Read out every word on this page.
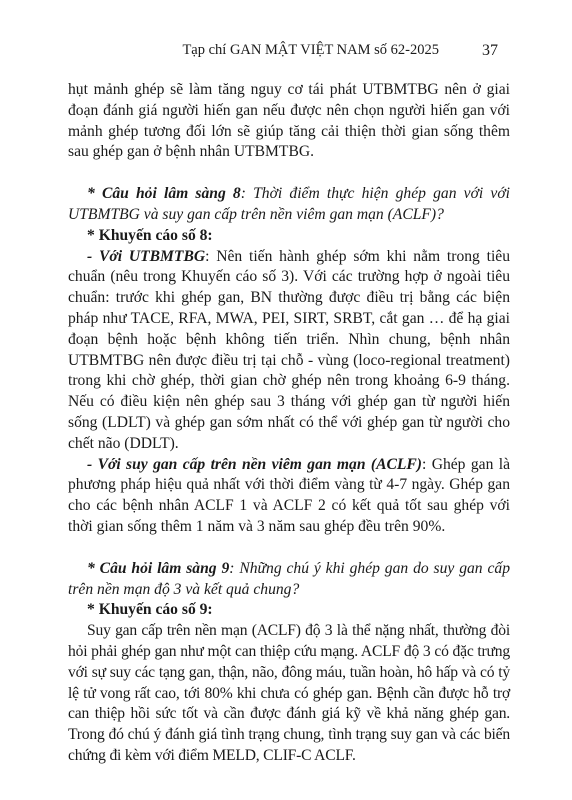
Tạp chí GAN MẬT VIỆT NAM số 62-2025	37

hụt mảnh ghép sẽ làm tăng nguy cơ tái phát UTBMTBG nên ở giai đoạn đánh giá người hiến gan nếu được nên chọn người hiến gan với mảnh ghép tương đối lớn sẽ giúp tăng cải thiện thời gian sống thêm sau ghép gan ở bệnh nhân UTBMTBG.

* Câu hỏi lâm sàng 8: Thời điểm thực hiện ghép gan với với UTBMTBG và suy gan cấp trên nền viêm gan mạn (ACLF)?

* Khuyến cáo số 8:

- Với UTBMTBG: Nên tiến hành ghép sớm khi nằm trong tiêu chuẩn (nêu trong Khuyến cáo số 3). Với các trường hợp ở ngoài tiêu chuẩn: trước khi ghép gan, BN thường được điều trị bằng các biện pháp như TACE, RFA, MWA, PEI, SIRT, SRBT, cắt gan … để hạ giai đoạn bệnh hoặc bệnh không tiến triển. Nhìn chung, bệnh nhân UTBMTBG nên được điều trị tại chỗ - vùng (loco-regional treatment) trong khi chờ ghép, thời gian chờ ghép nên trong khoảng 6-9 tháng. Nếu có điều kiện nên ghép sau 3 tháng với ghép gan từ người hiến sống (LDLT) và ghép gan sớm nhất có thể với ghép gan từ người cho chết não (DDLT).

- Với suy gan cấp trên nền viêm gan mạn (ACLF): Ghép gan là phương pháp hiệu quả nhất với thời điểm vàng từ 4-7 ngày. Ghép gan cho các bệnh nhân ACLF 1 và ACLF 2 có kết quả tốt sau ghép với thời gian sống thêm 1 năm và 3 năm sau ghép đều trên 90%.

* Câu hỏi lâm sàng 9: Những chú ý khi ghép gan do suy gan cấp trên nền mạn độ 3 và kết quả chung?

* Khuyến cáo số 9:

Suy gan cấp trên nền mạn (ACLF) độ 3 là thể nặng nhất, thường đòi hỏi phải ghép gan như một can thiệp cứu mạng. ACLF độ 3 có đặc trưng với sự suy các tạng gan, thận, não, đông máu, tuần hoàn, hô hấp và có tỷ lệ tử vong rất cao, tới 80% khi chưa có ghép gan. Bệnh cần được hỗ trợ can thiệp hồi sức tốt và cần được đánh giá kỹ về khả năng ghép gan. Trong đó chú ý đánh giá tình trạng chung, tình trạng suy gan và các biến chứng đi kèm với điểm MELD, CLIF-C ACLF.
